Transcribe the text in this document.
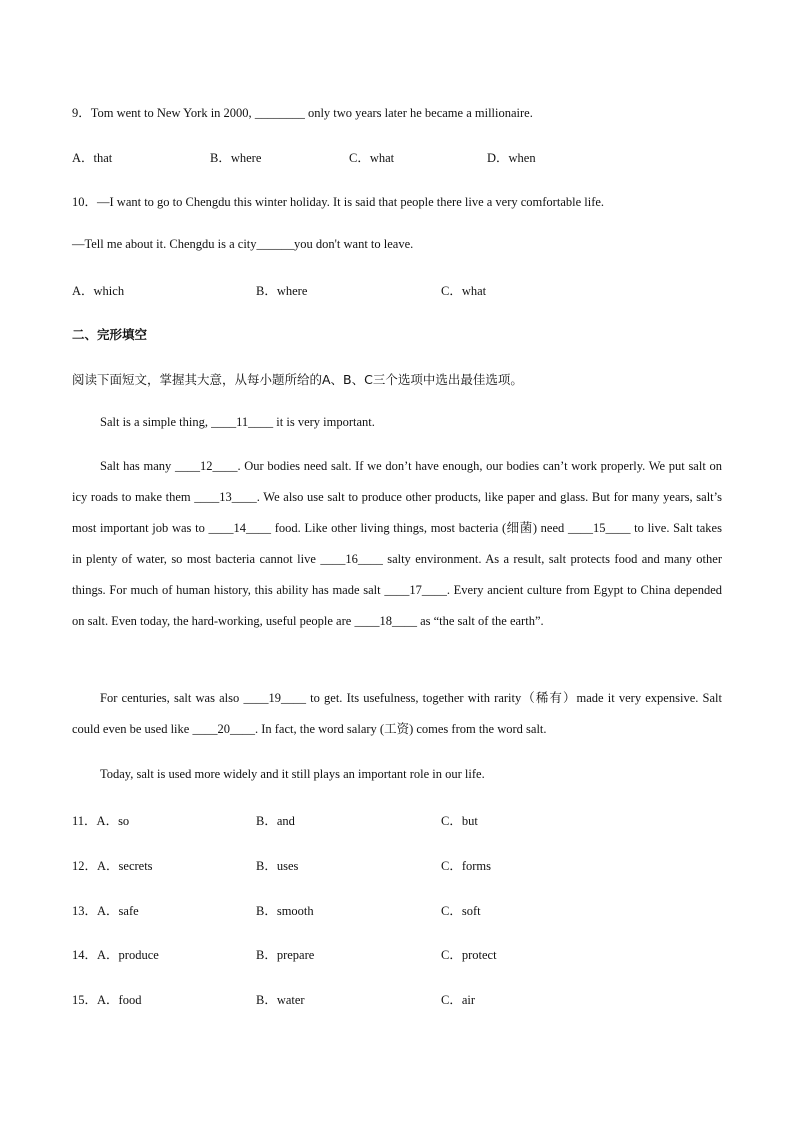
9．Tom went to New York in 2000, ________ only two years later he became a millionaire.
A．that	B．where	C．what	D．when
10．—I want to go to Chengdu this winter holiday. It is said that people there live a very comfortable life.
—Tell me about it. Chengdu is a city______you don't want to leave.
A．which	B．where	C．what
二、完形填空
阅读下面短文，掌握其大意，从每小题所给的A、B、C三个选项中选出最佳选项。
Salt is a simple thing, ____11____ it is very important.
Salt has many ____12____. Our bodies need salt. If we don’t have enough, our bodies can’t work properly. We put salt on icy roads to make them ____13____. We also use salt to produce other products, like paper and glass. But for many years, salt’s most important job was to ____14____ food. Like other living things, most bacteria (细菌) need ____15____ to live. Salt takes in plenty of water, so most bacteria cannot live ____16____ salty environment. As a result, salt protects food and many other things. For much of human history, this ability has made salt ____17____. Every ancient culture from Egypt to China depended on salt. Even today, the hard-working, useful people are ____18____ as “the salt of the earth”.
For centuries, salt was also ____19____ to get. Its usefulness, together with rarity（稀有）made it very expensive. Salt could even be used like ____20____. In fact, the word salary (工资) comes from the word salt.
Today, salt is used more widely and it still plays an important role in our life.
11．A．so	B．and	C．but
12．A．secrets	B．uses	C．forms
13．A．safe	B．smooth	C．soft
14．A．produce	B．prepare	C．protect
15．A．food	B．water	C．air
